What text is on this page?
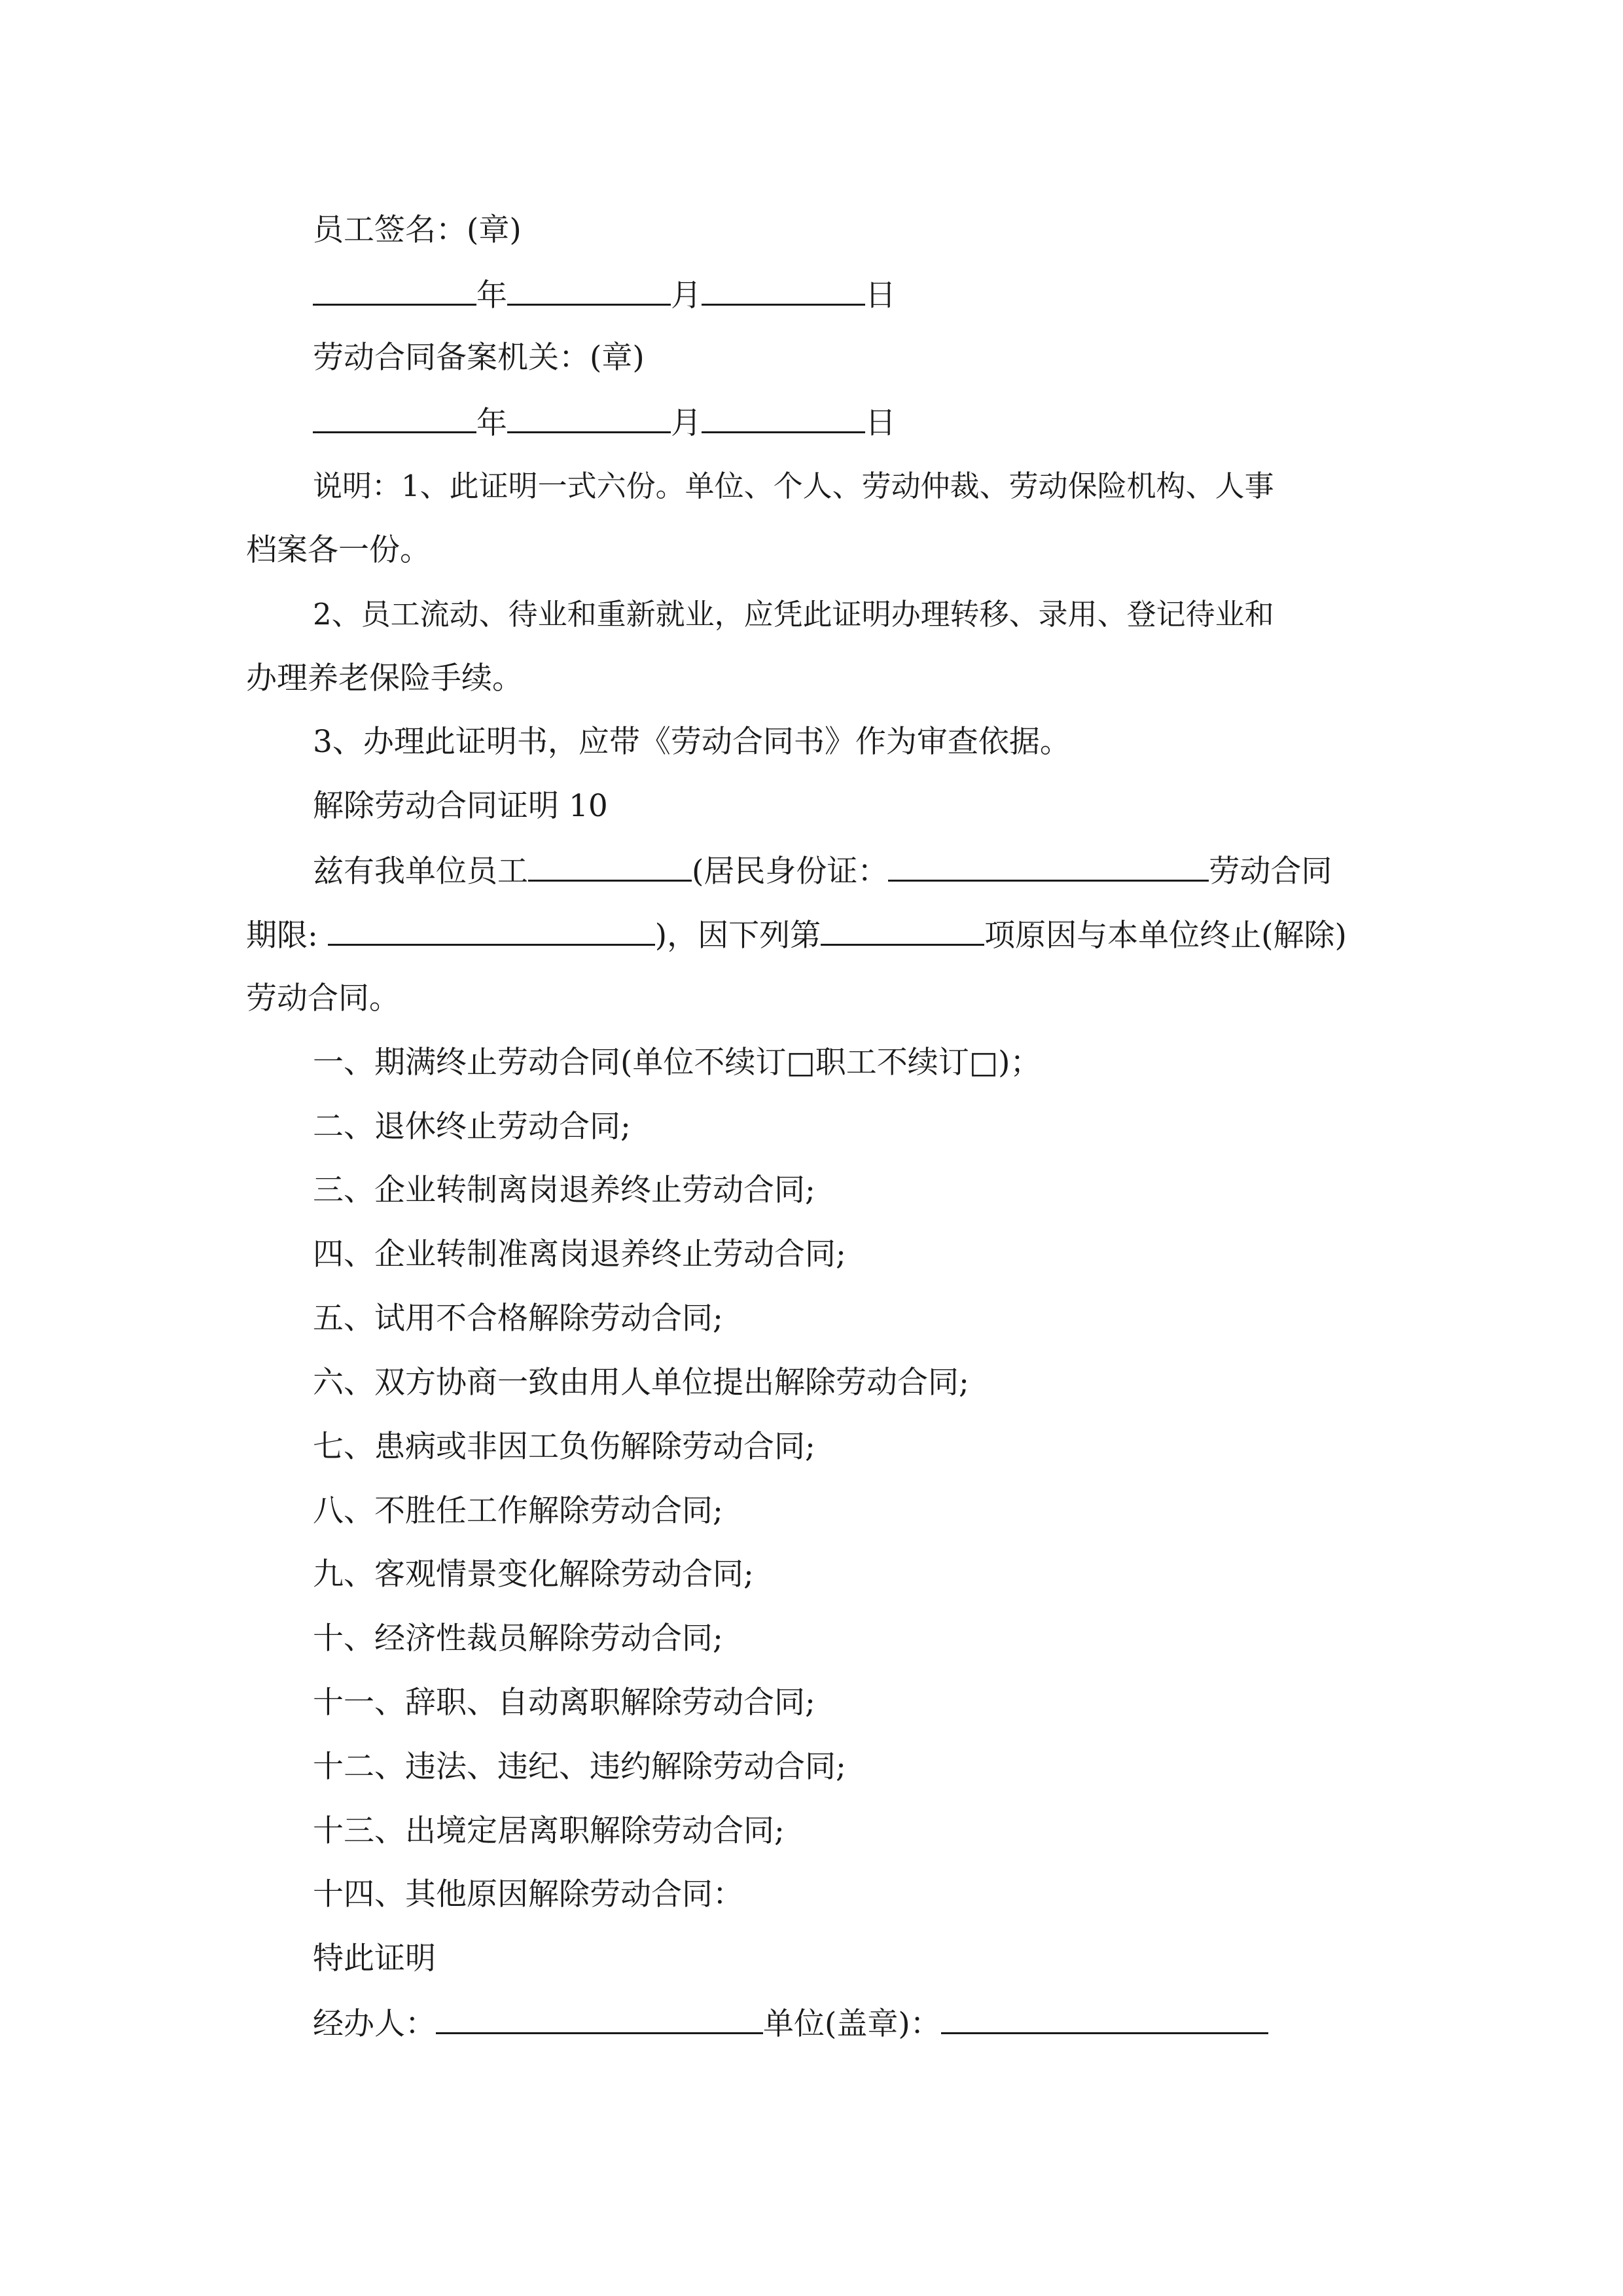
员工签名：(章)
年	月	日
劳动合同备案机关：(章)
年	月	日
说明：1、此证明一式六份。单位、个人、劳动仲裁、劳动保险机构、人事
档案各一份。
2、员工流动、待业和重新就业，应凭此证明办理转移、录用、登记待业和
办理养老保险手续。
3、办理此证明书，应带《劳动合同书》作为审查依据。
解除劳动合同证明 10
兹有我单位员工	(居民身份证：	劳动合同
期限:	)，因下列第	项原因与本单位终止(解除)
劳动合同。
一、期满终止劳动合同(单位不续订□职工不续订□)；
二、退休终止劳动合同;
三、企业转制离岗退养终止劳动合同;
四、企业转制准离岗退养终止劳动合同;
五、试用不合格解除劳动合同;
六、双方协商一致由用人单位提出解除劳动合同;
七、患病或非因工负伤解除劳动合同;
八、不胜任工作解除劳动合同;
九、客观情景变化解除劳动合同;
十、经济性裁员解除劳动合同;
十一、辞职、自动离职解除劳动合同;
十二、违法、违纪、违约解除劳动合同;
十三、出境定居离职解除劳动合同;
十四、其他原因解除劳动合同：
特此证明
经办人：	单位(盖章)：
